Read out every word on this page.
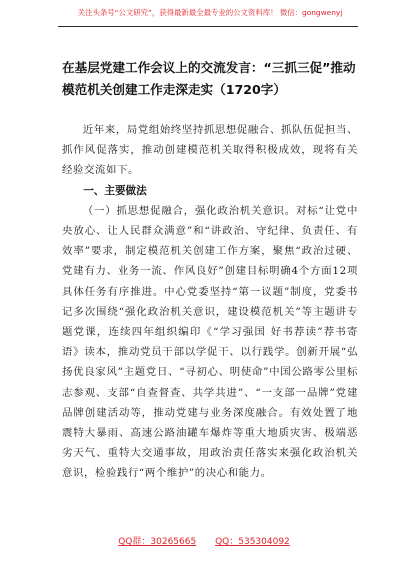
关注头条号“公文研究”，获得最新最全最专业的公文资料库！ 微信：gongwenyj
在基层党建工作会议上的交流发言：“三抓三促”推动模范机关创建工作走深走实（1720字）

近年来，局党组始终坚持抓思想促融合、抓队伍促担当、抓作风促落实，推动创建模范机关取得积极成效，现将有关经验交流如下。

一、主要做法

（一）抓思想促融合，强化政治机关意识。对标“让党中央放心、让人民群众满意”和“讲政治、守纪律、负责任、有效率”要求，制定模范机关创建工作方案，聚焦“政治过硬、党建有力、业务一流、作风良好”创建目标明确4个方面12项具体任务有序推进。中心党委坚持“第一议题”制度，党委书记多次围绕“强化政治机关意识，建设模范机关”等主题讲专题党课，连续四年组织编印《“学习强国 好书荐读”荐书寄语》读本，推动党员干部以学促干、以行践学。创新开展“弘扬优良家风”主题党日、“寻初心、明使命”中国公路零公里标志参观、支部“自查督查、共学共进”、“一支部一品牌”党建品牌创建活动等，推动党建与业务深度融合。有效处置了地震特大暴雨、高速公路油罐车爆炸等重大地质灾害、极端恶劣天气、重特大交通事故，用政治责任落实来强化政治机关意识，检验践行“两个维护”的决心和能力。

QQ群：30265665 QQ：535304092
